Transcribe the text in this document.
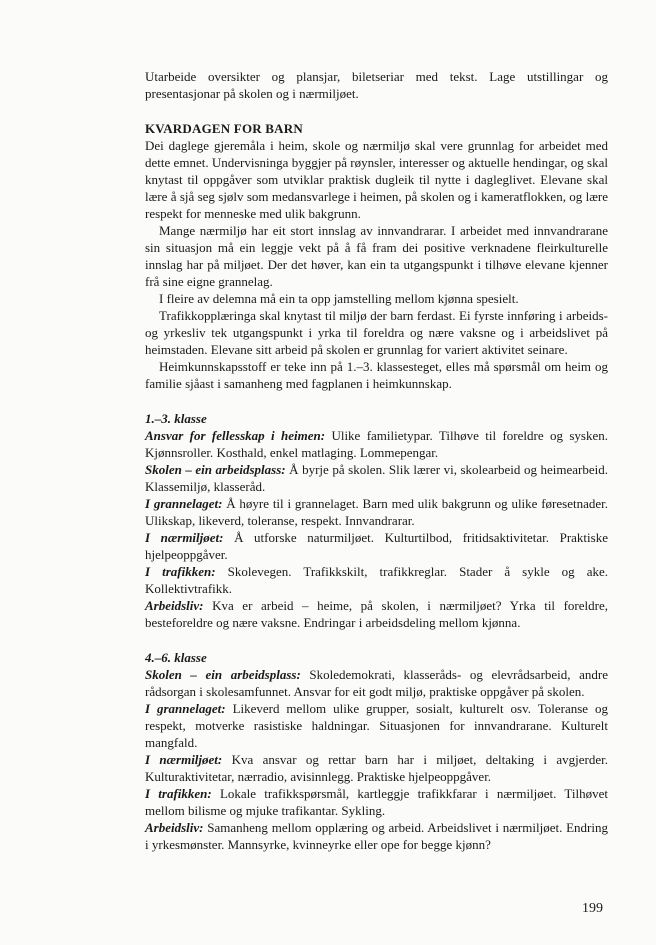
Utarbeide oversikter og plansjar, biletseriar med tekst. Lage utstillingar og presentasjonar på skolen og i nærmiljøet.

KVARDAGEN FOR BARN

Dei daglege gjeremåla i heim, skole og nærmiljø skal vere grunnlag for arbeidet med dette emnet. Undervisninga byggjer på røynsler, interesser og aktuelle hendingar, og skal knytast til oppgåver som utviklar praktisk dugleik til nytte i dagleglivet. Elevane skal lære å sjå seg sjølv som medansvarlege i heimen, på skolen og i kameratflokken, og lære respekt for menneske med ulik bakgrunn.

Mange nærmiljø har eit stort innslag av innvandrarar. I arbeidet med innvandrarane sin situasjon må ein leggje vekt på å få fram dei positive verknadene fleirkulturelle innslag har på miljøet. Der det høver, kan ein ta utgangspunkt i tilhøve elevane kjenner frå sine eigne grannelag.

I fleire av delemna må ein ta opp jamstelling mellom kjønna spesielt.

Trafikkopplæringa skal knytast til miljø der barn ferdast. Ei fyrste innføring i arbeids- og yrkesliv tek utgangspunkt i yrka til foreldra og nære vaksne og i arbeidslivet på heimstaden. Elevane sitt arbeid på skolen er grunnlag for variert aktivitet seinare.

Heimkunnskapsstoff er teke inn på 1.–3. klassesteget, elles må spørsmål om heim og familie sjåast i samanheng med fagplanen i heimkunnskap.

1.–3. klasse

Ansvar for fellesskap i heimen: Ulike familietypar. Tilhøve til foreldre og sysken. Kjønnsroller. Kosthald, enkel matlaging. Lommepengar.

Skolen – ein arbeidsplass: Å byrje på skolen. Slik lærer vi, skolearbeid og heimearbeid. Klassemiljø, klasseråd.

I grannelaget: Å høyre til i grannelaget. Barn med ulik bakgrunn og ulike føresetnader. Ulikskap, likeverd, toleranse, respekt. Innvandrarar.

I nærmiljøet: Å utforske naturmiljøet. Kulturtilbod, fritidsaktivitetar. Praktiske hjelpeoppgåver.

I trafikken: Skolevegen. Trafikkskilt, trafikkreglar. Stader å sykle og ake. Kollektivtrafikk.

Arbeidsliv: Kva er arbeid – heime, på skolen, i nærmiljøet? Yrka til foreldre, besteforeldre og nære vaksne. Endringar i arbeidsdeling mellom kjønna.

4.–6. klasse

Skolen – ein arbeidsplass: Skoledemokrati, klasseråds- og elevrådsarbeid, andre rådsorgan i skolesamfunnet. Ansvar for eit godt miljø, praktiske oppgåver på skolen.

I grannelaget: Likeverd mellom ulike grupper, sosialt, kulturelt osv. Toleranse og respekt, motverke rasistiske haldningar. Situasjonen for innvandrarane. Kulturelt mangfald.

I nærmiljøet: Kva ansvar og rettar barn har i miljøet, deltaking i avgjerder. Kulturaktivitetar, nærradio, avisinnlegg. Praktiske hjelpeoppgåver.

I trafikken: Lokale trafikkspørsmål, kartleggje trafikkfarar i nærmiljøet. Tilhøvet mellom bilisme og mjuke trafikantar. Sykling.

Arbeidsliv: Samanheng mellom opplæring og arbeid. Arbeidslivet i nærmiljøet. Endring i yrkesmønster. Mannsyrke, kvinneyrke eller ope for begge kjønn?

199
